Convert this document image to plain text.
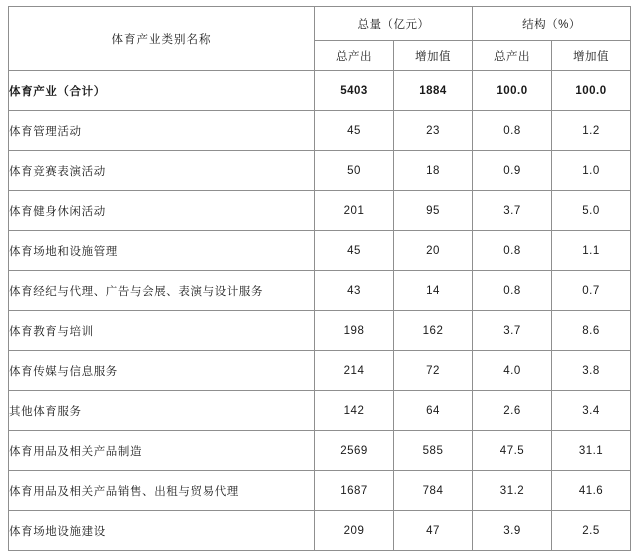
体育产业类别名称	总量（亿元）		结构（%）	
	总产出	增加值	总产出	增加值
体育产业（合计）	5403	1884	100.0	100.0
体育管理活动	45	23	0.8	1.2
体育竞赛表演活动	50	18	0.9	1.0
体育健身休闲活动	201	95	3.7	5.0
体育场地和设施管理	45	20	0.8	1.1
体育经纪与代理、广告与会展、表演与设计服务	43	14	0.8	0.7
体育教育与培训	198	162	3.7	8.6
体育传媒与信息服务	214	72	4.0	3.8
其他体育服务	142	64	2.6	3.4
体育用品及相关产品制造	2569	585	47.5	31.1
体育用品及相关产品销售、出租与贸易代理	1687	784	31.2	41.6
体育场地设施建设	209	47	3.9	2.5
